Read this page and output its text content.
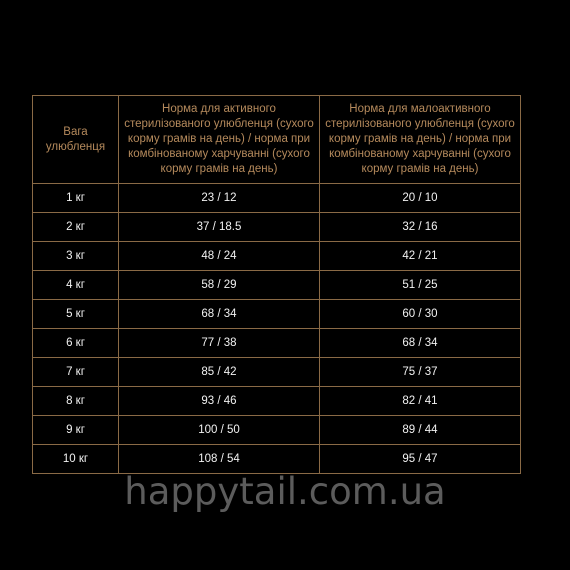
Вага улюбленця	Норма для активного стерилізованого улюбленця (сухого корму грамів на день) / норма при комбінованому харчуванні (сухого корму грамів на день)	Норма для малоактивного стерилізованого улюбленця (сухого корму грамів на день) / норма при комбінованому харчуванні (сухого корму грамів на день)

1 кг	23 / 12	20 / 10
2 кг	37 / 18.5	32 / 16
3 кг	48 / 24	42 / 21
4 кг	58 / 29	51 / 25
5 кг	68 / 34	60 / 30
6 кг	77 / 38	68 / 34
7 кг	85 / 42	75 / 37
8 кг	93 / 46	82 / 41
9 кг	100 / 50	89 / 44
10 кг	108 / 54	95 / 47
happytail.com.ua
